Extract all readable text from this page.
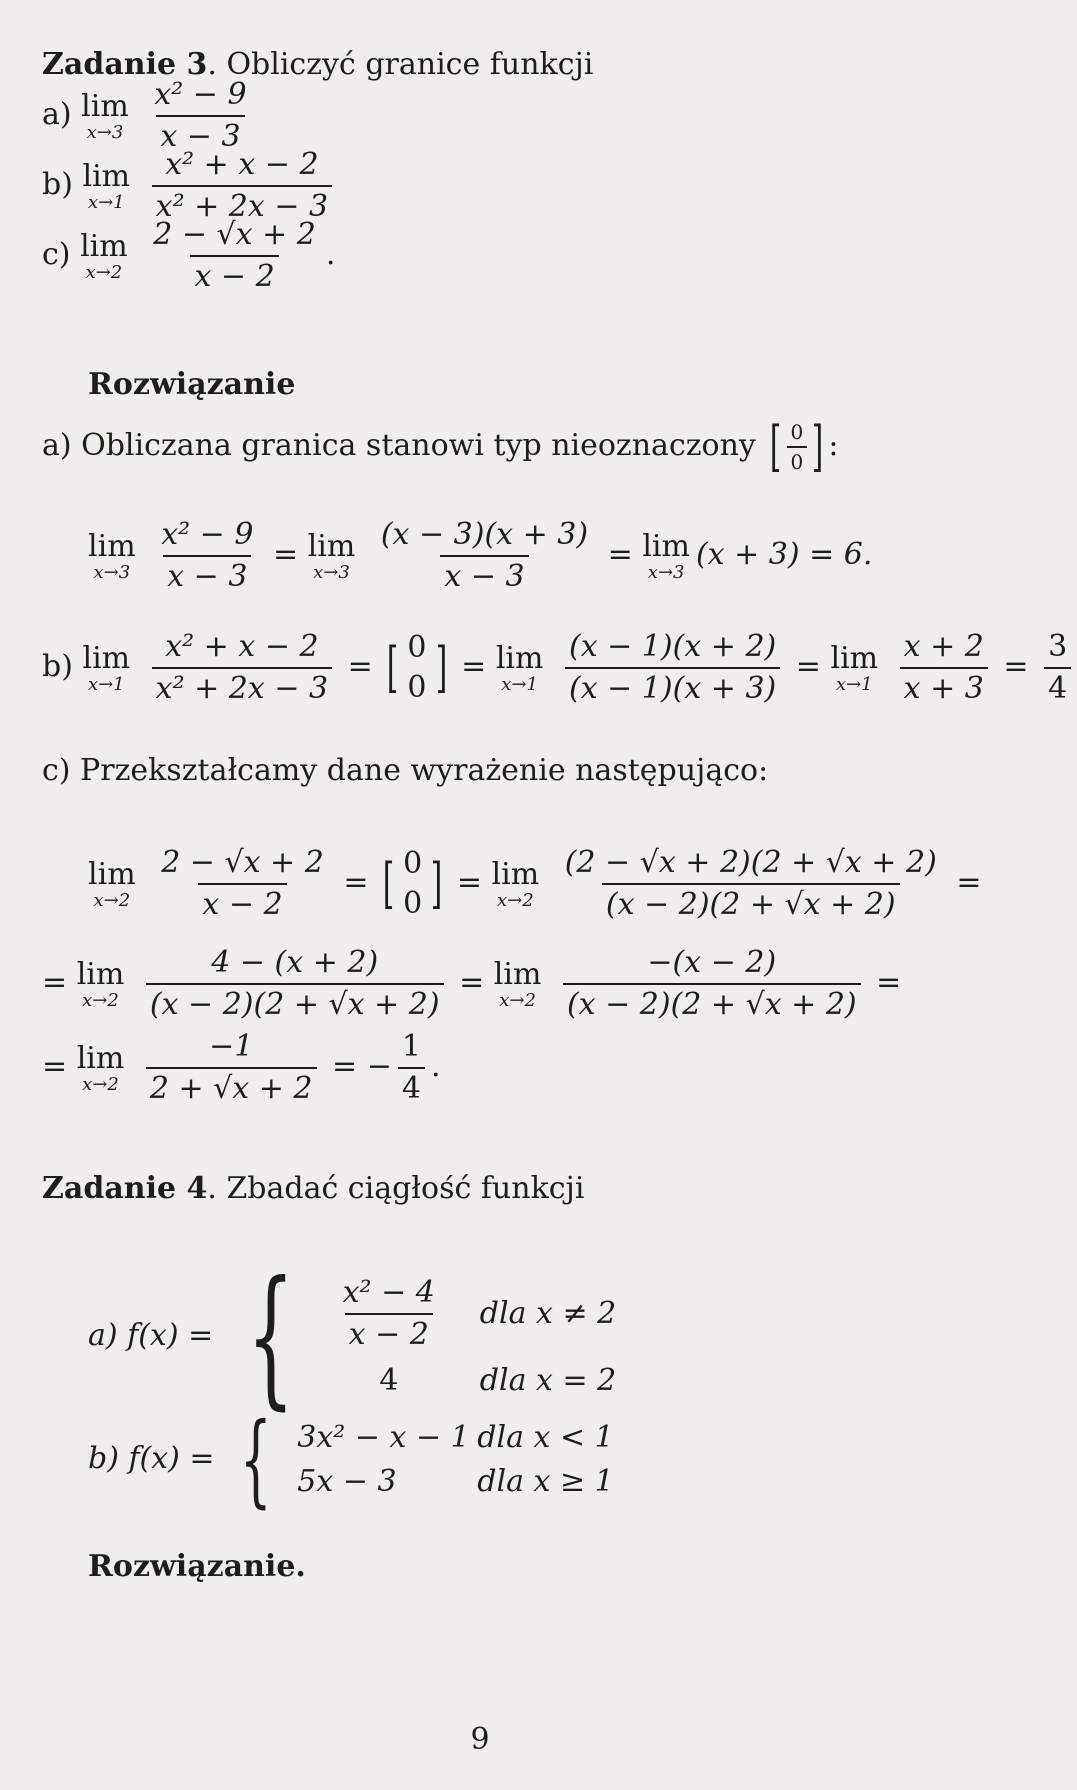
Zadanie 3. Obliczyć granice funkcji
a) lim
x→3
$\frac{\text{x² − 9}}{x - 3}$
b) lim
x→1
$\frac{\text{x² + x − 2}}{\text{x² + 2x − 3}}$
c) lim
x→2
$\frac{2 - √x + 2}{x - 2}$ .
Rozwiązanie
a) Obliczana granica stanowi typ nieoznaczony [ $\frac{0}{0}$ ] :
lim
x→3
$\frac{\text{x² − 9}}{x - 3} = \lim$
x→3
$\frac{(x - 3)(x + 3)}{x - 3} = \lim$
x→3
(x + 3) = 6.
b) lim
x→1
$\frac{\text{x² + x − 2}}{\text{x² + 2x − 3}}$ = [ 0
0 ] = lim
x→1
$\frac{(x - 1)(x + 2)}{(x - 1)(x + 3)} = \lim$
x→1
$\frac{x + 2}{x + 3} = \frac{3}{4}$
c) Przekształcamy dane wyrażenie następująco:
lim
x→2
$\frac{2 - √x + 2}{x - 2}$ = [ 0
0 ] = lim
x→2
$\frac{(2 - √x + 2)(2 + √x + 2)}{(x - 2)(2 + √x + 2)}$ =
= lim
x→2
$\frac{4 - (x + 2)}{(x - 2)(2 + √x + 2)} = \lim$
x→2
$\frac{-(x - 2)}{(x - 2)(2 + √x + 2)}$ =
= lim
x→2
$\frac{-1}{2 + √x + 2}$ = − $\frac{1}{4}$ .
Zadanie 4. Zbadać ciągłość funkcji
a) f(x) = { $\frac{\text{x² − 4}}{x - 2}$ dla x ≠ 2
4	dla x = 2
b) f(x) = { 3x² − x − 1 dla x < 1
5x − 3	dla x ≥ 1
Rozwiązanie.
9
